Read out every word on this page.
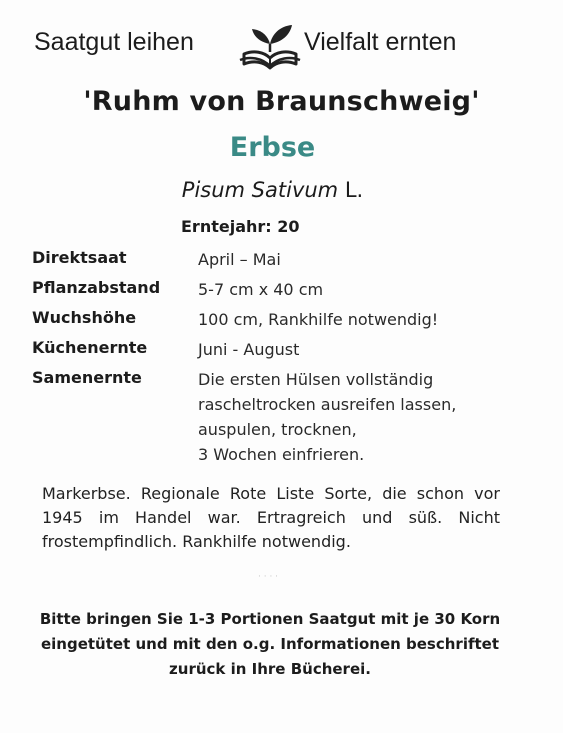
Saatgut leihen	Vielfalt ernten
'Ruhm von Braunschweig'
Erbse
Pisum Sativum L.
Erntejahr: 20
Direktsaat	April – Mai
Pflanzabstand	5-7 cm x 40 cm
Wuchshöhe	100 cm, Rankhilfe notwendig!
Küchenernte	Juni - August
Samenernte	Die ersten Hülsen vollständig
rascheltrocken ausreifen lassen,
auspulen, trocknen,
3 Wochen einfrieren.
Markerbse. Regionale Rote Liste Sorte, die schon vor 1945 im Handel war. Ertragreich und süß. Nicht frostempfindlich. Rankhilfe notwendig.
· · · ·
Bitte bringen Sie 1-3 Portionen Saatgut mit je 30 Korn eingetütet und mit den o.g. Informationen beschriftet zurück in Ihre Bücherei.
